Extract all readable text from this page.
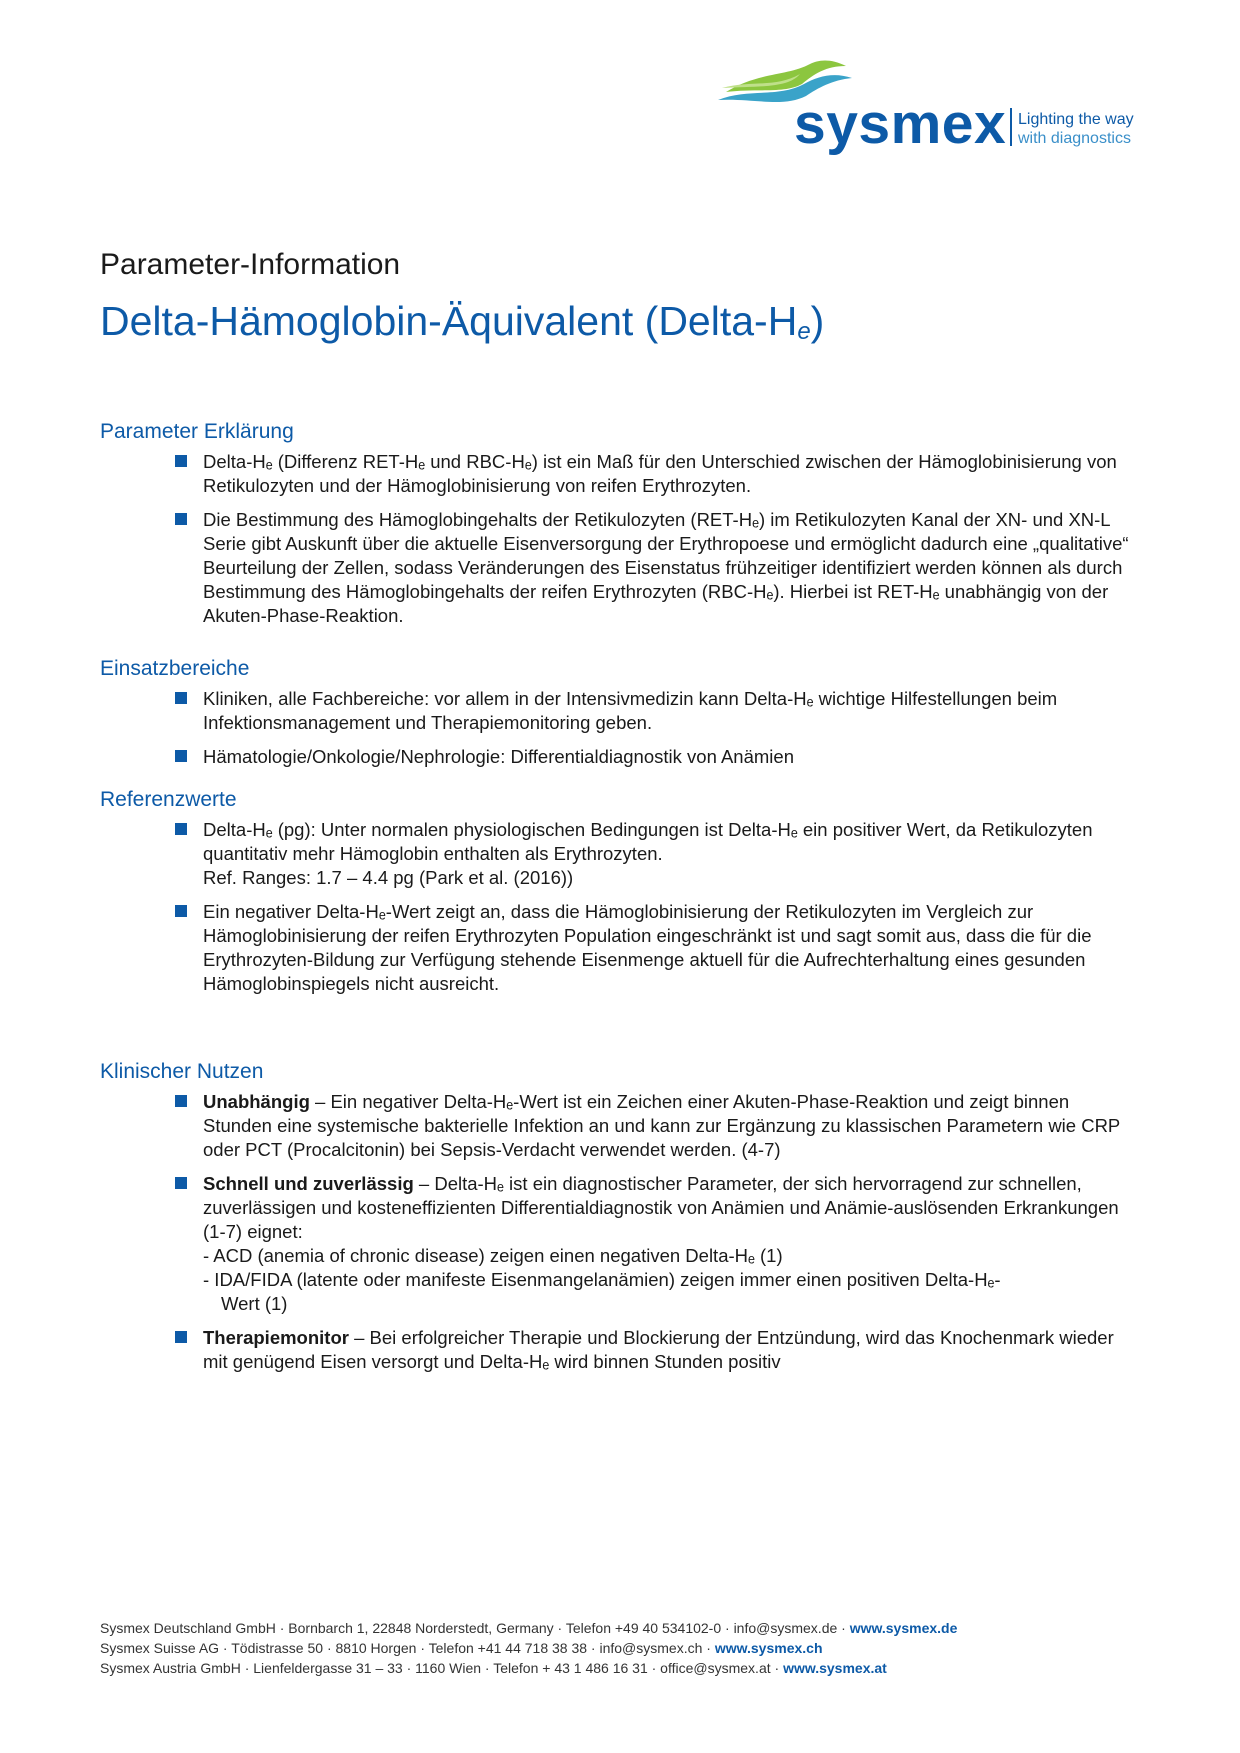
sysmex Lighting the way
with diagnostics
Parameter-Information
Delta-Hämoglobin-Äquivalent $(Delta-H_e)$
Parameter Erklärung
Delta-Hₑ (Differenz RET-Hₑ und RBC-Hₑ) ist ein Maß für den Unterschied zwischen der Hämoglobinisierung von Retikulozyten und der Hämoglobinisierung von reifen Erythrozyten.
Die Bestimmung des Hämoglobingehalts der Retikulozyten (RET-Hₑ) im Retikulozyten Kanal der XN- und XN-L Serie gibt Auskunft über die aktuelle Eisenversorgung der Erythropoese und ermöglicht dadurch eine „qualitative“ Beurteilung der Zellen, sodass Veränderungen des Eisenstatus frühzeitiger identifiziert werden können als durch Bestimmung des Hämoglobingehalts der reifen Erythrozyten (RBC-Hₑ). Hierbei ist RET-Hₑ unabhängig von der Akuten-Phase-Reaktion.
Einsatzbereiche
Kliniken, alle Fachbereiche: vor allem in der Intensivmedizin kann Delta-Hₑ wichtige Hilfestellungen beim Infektionsmanagement und Therapiemonitoring geben.
Hämatologie/Onkologie/Nephrologie: Differentialdiagnostik von Anämien
Referenzwerte
Delta-Hₑ (pg): Unter normalen physiologischen Bedingungen ist Delta-Hₑ ein positiver Wert, da Retikulozyten quantitativ mehr Hämoglobin enthalten als Erythrozyten.
Ref. Ranges: 1.7 – 4.4 pg (Park et al. (2016))
Ein negativer Delta-Hₑ-Wert zeigt an, dass die Hämoglobinisierung der Retikulozyten im Vergleich zur Hämoglobinisierung der reifen Erythrozyten Population eingeschränkt ist und sagt somit aus, dass die für die Erythrozyten-Bildung zur Verfügung stehende Eisenmenge aktuell für die Aufrechterhaltung eines gesunden Hämoglobinspiegels nicht ausreicht.
Klinischer Nutzen
Unabhängig – Ein negativer Delta-Hₑ-Wert ist ein Zeichen einer Akuten-Phase-Reaktion und zeigt binnen Stunden eine systemische bakterielle Infektion an und kann zur Ergänzung zu klassischen Parametern wie CRP oder PCT (Procalcitonin) bei Sepsis-Verdacht verwendet werden. (4-7)
Schnell und zuverlässig – Delta-Hₑ ist ein diagnostischer Parameter, der sich hervorragend zur schnellen, zuverlässigen und kosteneffizienten Differentialdiagnostik von Anämien und Anämie-auslösenden Erkrankungen (1-7) eignet:
- ACD (anemia of chronic disease) zeigen einen negativen Delta-Hₑ (1)
- IDA/FIDA (latente oder manifeste Eisenmangelanämien) zeigen immer einen positiven Delta-Hₑ-
Wert (1)
Therapiemonitor – Bei erfolgreicher Therapie und Blockierung der Entzündung, wird das Knochenmark wieder mit genügend Eisen versorgt und Delta-Hₑ wird binnen Stunden positiv
Sysmex Deutschland GmbH · Bornbarch 1, 22848 Norderstedt, Germany · Telefon +49 40 534102-0 · info@sysmex.de · www.sysmex.de
Sysmex Suisse AG · Tödistrasse 50 · 8810 Horgen · Telefon +41 44 718 38 38 · info@sysmex.ch · www.sysmex.ch
Sysmex Austria GmbH · Lienfeldergasse 31 – 33 · 1160 Wien · Telefon + 43 1 486 16 31 · office@sysmex.at · www.sysmex.at
